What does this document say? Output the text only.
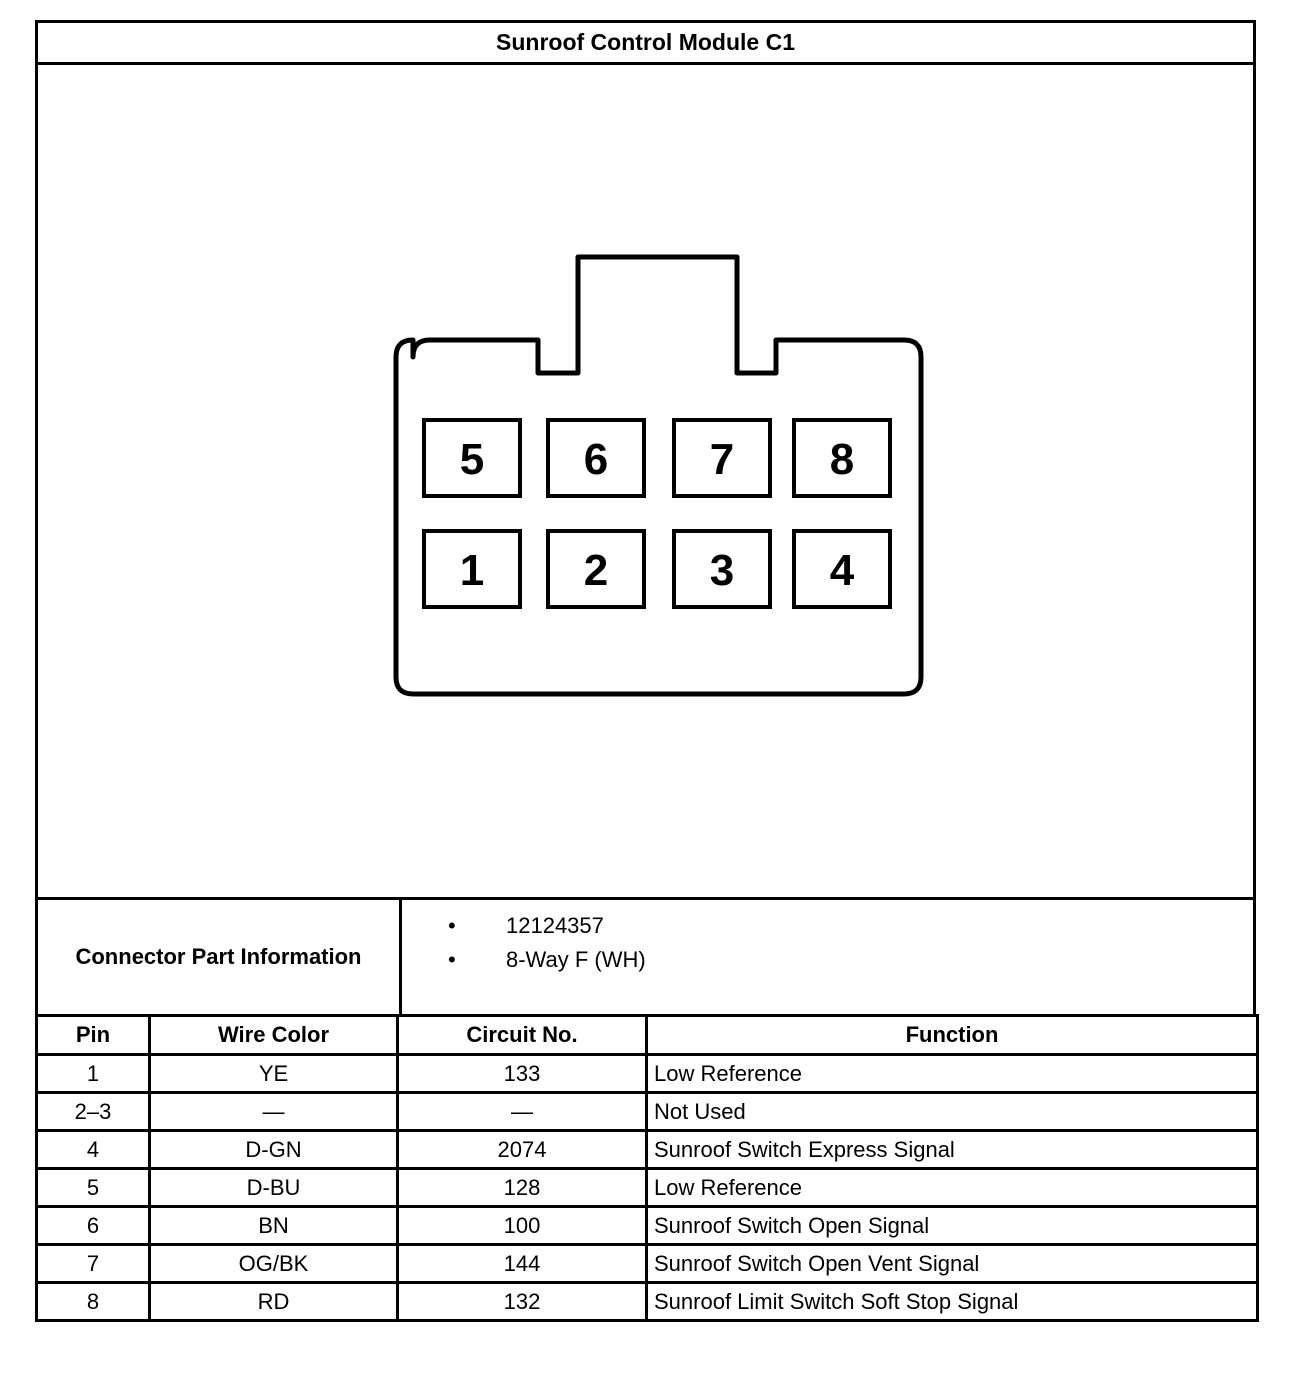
Sunroof Control Module C1
5 6 7 8
1 2 3 4
Connector Part Information
• 12124357
• 8-Way F (WH)
Pin	Wire Color	Circuit No.	Function
1	YE	133	Low Reference
2–3	—	—	Not Used
4	D-GN	2074	Sunroof Switch Express Signal
5	D-BU	128	Low Reference
6	BN	100	Sunroof Switch Open Signal
7	OG/BK	144	Sunroof Switch Open Vent Signal
8	RD	132	Sunroof Limit Switch Soft Stop Signal
